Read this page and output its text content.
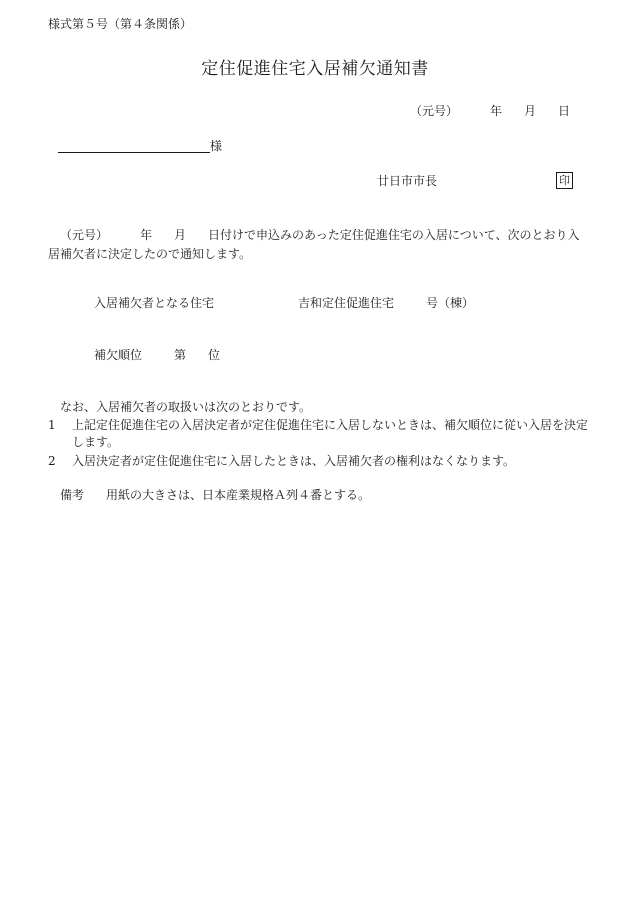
様式第５号（第４条関係）
定住促進住宅入居補欠通知書
（元号）	年 月 日
様
廿日市市長	印
（元号）	年 月 日付けで申込みのあった定住促進住宅の入居について、次のとおり入居補欠者に決定したので通知します。
入居補欠者となる住宅	吉和定住促進住宅	号（棟）
補欠順位	第 位
なお、入居補欠者の取扱いは次のとおりです。
1	上記定住促進住宅の入居決定者が定住促進住宅に入居しないときは、補欠順位に従い入居を決定します。
2	入居決定者が定住促進住宅に入居したときは、入居補欠者の権利はなくなります。
備考 用紙の大きさは、日本産業規格Ａ列４番とする。
